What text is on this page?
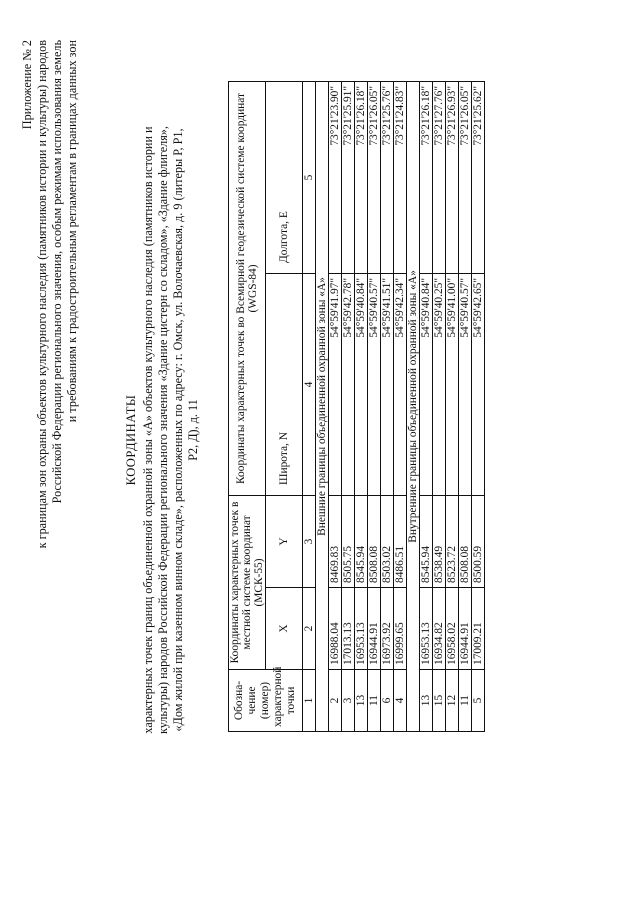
Приложение № 2 к границам зон охраны объектов культурного наследия (памятников истории и культуры) народов Российской Федерации регионального значения, особым режимам использования земель и требованиям к градостроительным регламентам в границах данных зон
КООРДИНАТЫ характерных точек границ объединенной охранной зоны «А» объектов культурного наследия (памятников истории и культуры) народов Российской Федерации регионального значения «Здание цистерн со складом», «Здание флигеля», «Дом жилой при казенном винном складе», расположенных по адресу: г. Омск, ул. Волочаевская, д. 9 (литеры Р, Р1, Р2, Д), д. 11
Обозна-
чение
(номер)
характерной
точки	Координаты характерных точек в местной системе координат (МСК-55)		Координаты характерных точек во Всемирной геодезической системе координат (WGS-84)	
	X	Y	Широта, N	Долгота, E
1	2	3	4	5
Внешние границы объединенной охранной зоны «А»				
2	16988.04	8469.83	54°59'41.97"	73°21'23.90"
3	17013.13	8505.75	54°59'42.78"	73°21'25.91"
13	16953.13	8545.94	54°59'40.84"	73°21'26.18"
11	16944.91	8508.08	54°59'40.57"	73°21'26.05"
6	16973.92	8503.02	54°59'41.51"	73°21'25.76"
4	16999.65	8486.51	54°59'42.34"	73°21'24.83"
Внутренние границы объединенной охранной зоны «А»				
13	16953.13	8545.94	54°59'40.84"	73°21'26.18"
15	16934.82	8538.49	54°59'40.25"	73°21'27.76"
12	16958.02	8523.72	54°59'41.00"	73°21'26.93"
11	16944.91	8508.08	54°59'40.57"	73°21'26.05"
5	17009.21	8500.59	54°59'42.65"	73°21'25.62"
